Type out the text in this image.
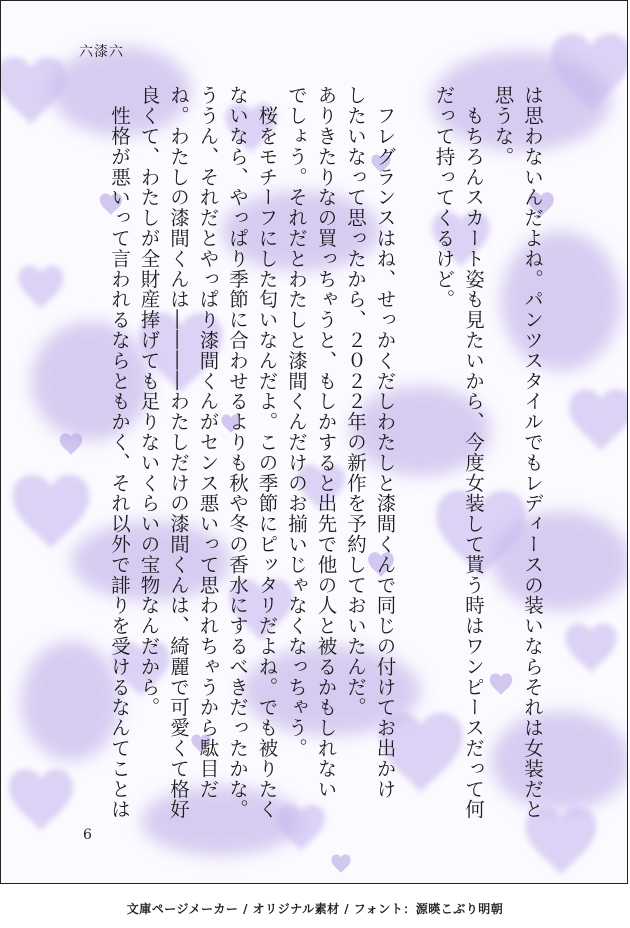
六漆六
は思わないんだよね。パンツスタイルでもレディースの装いならそれは女装だと
思うな。
　もちろんスカート姿も見たいから、今度女装して貰う時はワンピースだって何
だって持ってくるけど。
　フレグランスはね、せっかくだしわたしと漆間くんで同じの付けてお出かけ
したいなって思ったから、２０２２年の新作を予約しておいたんだ。
ありきたりなの買っちゃうと、もしかすると出先で他の人と被るかもしれない
でしょう。それだとわたしと漆間くんだけのお揃いじゃなくなっちゃう。
　桜をモチーフにした匂いなんだよ。この季節にピッタリだよね。でも被りたく
ないなら、やっぱり季節に合わせるよりも秋や冬の香水にするべきだったかな。
ううん、それだとやっぱり漆間くんがセンス悪いって思われちゃうから駄目だ
ね。わたしの漆間くんは――――わたしだけの漆間くんは、綺麗で可愛くて格好
良くて、わたしが全財産捧げても足りないくらいの宝物なんだから。
　性格が悪いって言われるならともかく、それ以外で誹りを受けるなんてことは
6
文庫ページメーカー / オリジナル素材 / フォント：源暎こぶり明朝
